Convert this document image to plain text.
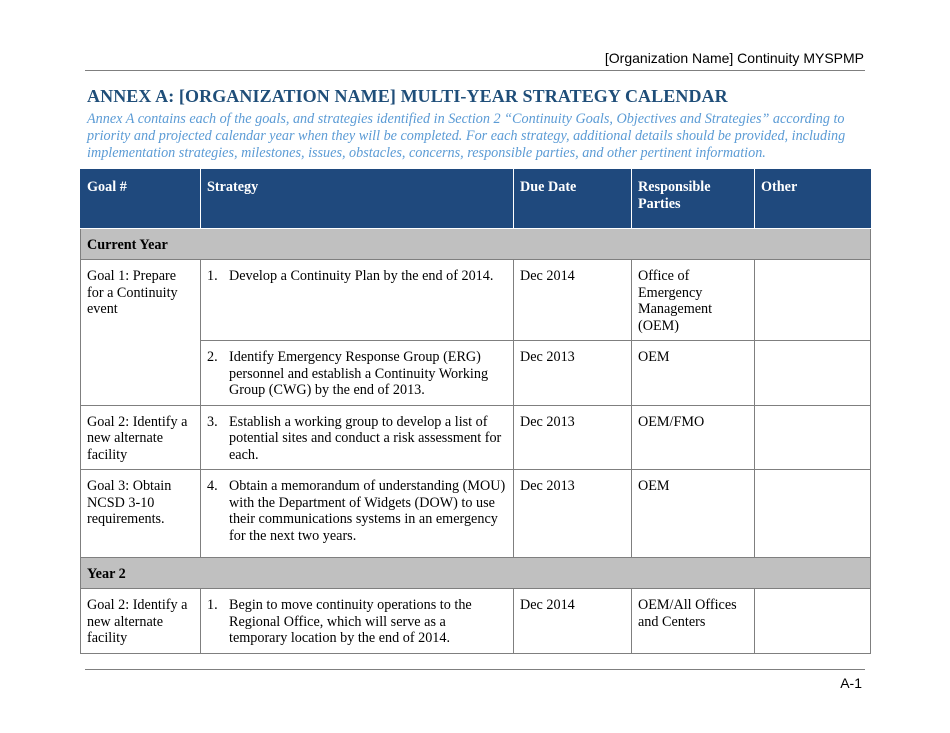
[Organization Name] Continuity MYSPMP
ANNEX A: [ORGANIZATION NAME] MULTI-YEAR STRATEGY CALENDAR

Annex A contains each of the goals, and strategies identified in Section 2 “Continuity Goals, Objectives and Strategies” according to priority and projected calendar year when they will be completed. For each strategy, additional details should be provided, including implementation strategies, milestones, issues, obstacles, concerns, responsible parties, and other pertinent information.

Goal #	Strategy	Due Date	Responsible Parties	Other
Current Year				
Goal 1: Prepare for a Continuity event	1. Develop a Continuity Plan by the end of 2014.	Dec 2014	Office of Emergency Management (OEM)	

	2. Identify Emergency Response Group (ERG) personnel and establish a Continuity Working Group (CWG) by the end of 2013.	Dec 2013	OEM	
Goal 2: Identify a new alternate facility	3. Establish a working group to develop a list of potential sites and conduct a risk assessment for each.	Dec 2013	OEM/FMO	
Goal 3: Obtain NCSD 3-10 requirements.	4. Obtain a memorandum of understanding (MOU) with the Department of Widgets (DOW) to use their communications systems in an emergency for the next two years.	Dec 2013	OEM	
Year 2				
Goal 2: Identify a new alternate facility	1. Begin to move continuity operations to the Regional Office, which will serve as a temporary location by the end of 2014.	Dec 2014	OEM/All Offices and Centers	
A-1
